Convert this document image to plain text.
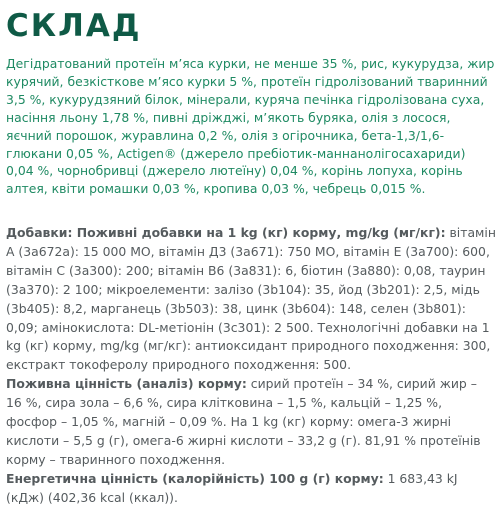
СКЛАД

Дегідратований протеїн м’яса курки, не менше 35 %, рис, кукурудза, жир курячий, безкісткове м’ясо курки 5 %, протеїн гідролізований тваринний 3,5 %, кукурудзяний білок, мінерали, куряча печінка гідролізована суха, насіння льону 1,78 %, пивні дріжджі, м’якоть буряка, олія з лосося, яєчний порошок, журавлина 0,2 %, олія з огірочника, бета-1,3/1,6-глюкани 0,05 %, Actigen® (джерело пребіотик-маннанолігосахариди) 0,04 %, чорнобривці (джерело лютеїну) 0,04 %, корінь лопуха, корінь алтея, квіти ромашки 0,03 %, кропива 0,03 %, чебрець 0,015 %.

Добавки: Поживні добавки на 1 kg (кг) корму, mg/kg (мг/кг): вітамін А (3а672а): 15 000 МО, вітамін Д3 (3а671): 750 МО, вітамін Е (3а700): 600, вітамін С (3а300): 200; вітамін В6 (3а831): 6, біотин (3а880): 0,08, таурин (3а370): 2 100; мікроелементи: залізо (3b104): 35, йод (3b201): 2,5, мідь (3b405): 8,2, марганець (3b503): 38, цинк (3b604): 148, селен (3b801): 0,09; амінокислота: DL-метіонін (3c301): 2 500. Технологічні добавки на 1 kg (кг) корму, mg/kg (мг/кг): антиоксидант природного походження: 300, екстракт токоферолу природного походження: 500.

Поживна цінність (аналіз) корму: сирий протеїн – 34 %, сирий жир – 16 %, сира зола – 6,6 %, сира клітковина – 1,5 %, кальцій – 1,25 %, фосфор – 1,05 %, магній – 0,09 %. На 1 kg (кг) корму: омега-3 жирні кислоти – 5,5 g (г), омега-6 жирні кислоти – 33,2 g (г). 81,91 % протеїнів корму – тваринного походження.

Енергетична цінність (калорійність) 100 g (г) корму: 1 683,43 kJ (кДж) (402,36 kcal (ккал)).
